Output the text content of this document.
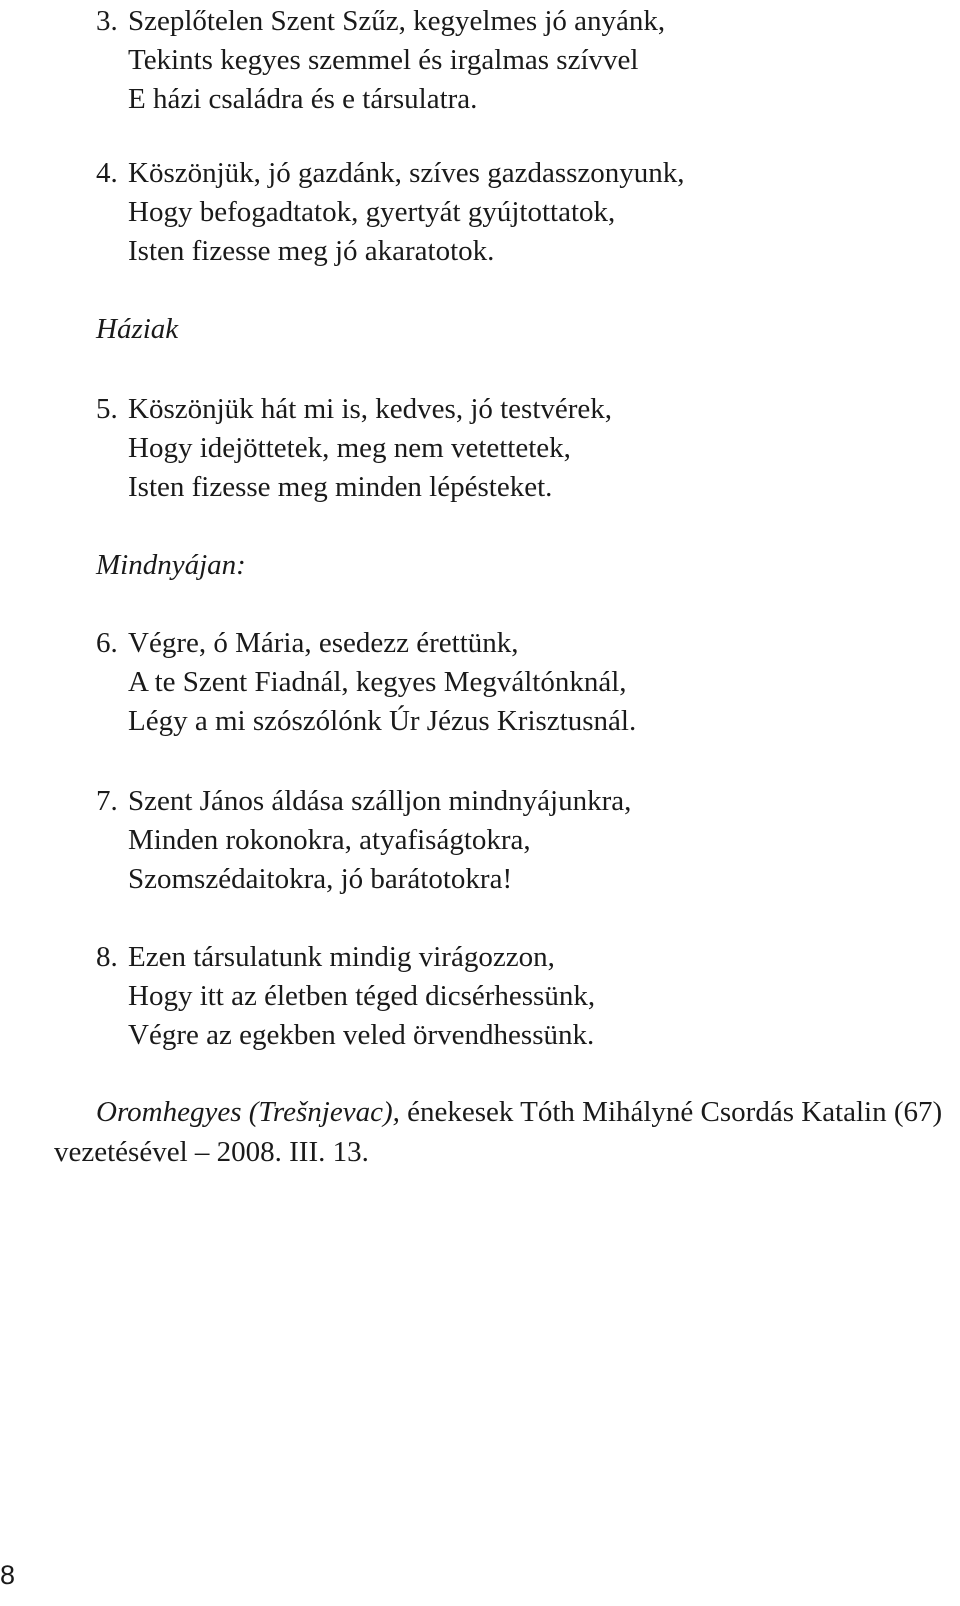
3. Szeplőtelen Szent Szűz, kegyelmes jó anyánk,
Tekints kegyes szemmel és irgalmas szívvel
E házi családra és e társulatra.
4. Köszönjük, jó gazdánk, szíves gazdasszonyunk,
Hogy befogadtatok, gyertyát gyújtottatok,
Isten fizesse meg jó akaratotok.
Háziak
5. Köszönjük hát mi is, kedves, jó testvérek,
Hogy idejöttetek, meg nem vetettetek,
Isten fizesse meg minden lépésteket.
Mindnyájan:
6. Végre, ó Mária, esedezz érettünk,
A te Szent Fiadnál, kegyes Megváltónknál,
Légy a mi szószólónk Úr Jézus Krisztusnál.
7. Szent János áldása szálljon mindnyájunkra,
Minden rokonokra, atyafiságtokra,
Szomszédaitokra, jó barátotokra!
8. Ezen társulatunk mindig virágozzon,
Hogy itt az életben téged dicsérhessünk,
Végre az egekben veled örvendhessünk.
Oromhegyes (Trešnjevac), énekesek Tóth Mihályné Csordás Katalin (67)
vezetésével – 2008. III. 13.
8
